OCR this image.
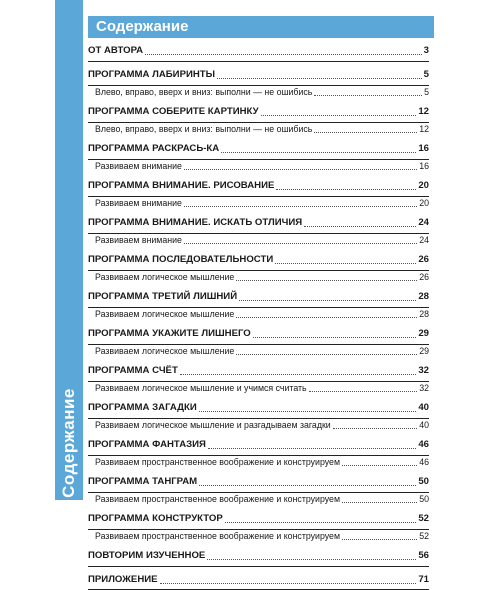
Содержание
Содержание
ОТ АВТОРА	3
ПРОГРАММА ЛАБИРИНТЫ	5
Влево, вправо, вверх и вниз: выполни — не ошибись	5
ПРОГРАММА СОБЕРИТЕ КАРТИНКУ	12
Влево, вправо, вверх и вниз: выполни — не ошибись	12
ПРОГРАММА РАСКРАСЬ-КА	16
Развиваем внимание	16
ПРОГРАММА ВНИМАНИЕ. РИСОВАНИЕ	20
Развиваем внимание	20
ПРОГРАММА ВНИМАНИЕ. ИСКАТЬ ОТЛИЧИЯ	24
Развиваем внимание	24
ПРОГРАММА ПОСЛЕДОВАТЕЛЬНОСТИ	26
Развиваем логическое мышление	26
ПРОГРАММА ТРЕТИЙ ЛИШНИЙ	28
Развиваем логическое мышление	28
ПРОГРАММА УКАЖИТЕ ЛИШНЕГО	29
Развиваем логическое мышление	29
ПРОГРАММА СЧЁТ	32
Развиваем логическое мышление и учимся считать	32
ПРОГРАММА ЗАГАДКИ	40
Развиваем логическое мышление и разгадываем загадки	40
ПРОГРАММА ФАНТАЗИЯ	46
Развиваем пространственное воображение и конструируем	46
ПРОГРАММА ТАНГРАМ	50
Развиваем пространственное воображение и конструируем	50
ПРОГРАММА КОНСТРУКТОР	52
Развиваем пространственное воображение и конструируем	52
ПОВТОРИМ ИЗУЧЕННОЕ	56
ПРИЛОЖЕНИЕ	71
